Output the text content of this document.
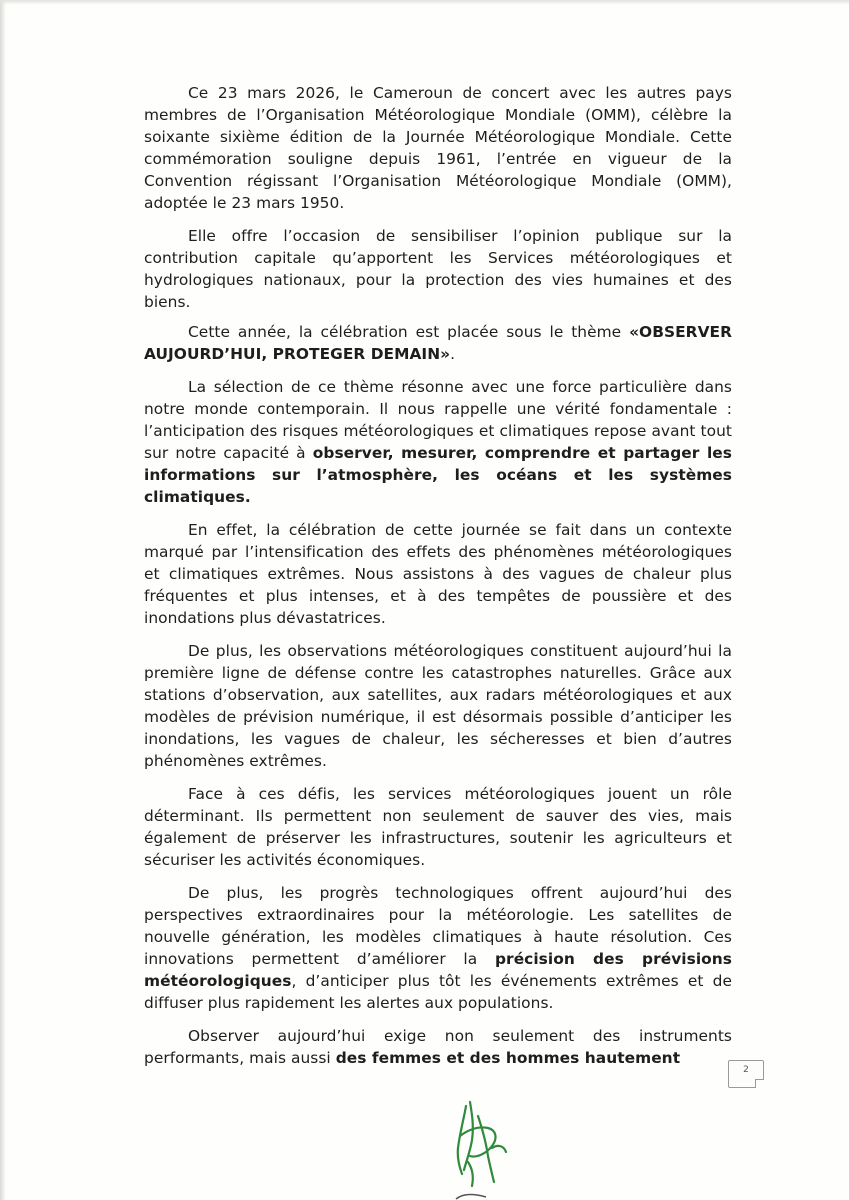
Ce 23 mars 2026, le Cameroun de concert avec les autres pays membres de l’Organisation Météorologique Mondiale (OMM), célèbre la soixante sixième édition de la Journée Météorologique Mondiale. Cette commémoration souligne depuis 1961, l’entrée en vigueur de la Convention régissant l’Organisation Météorologique Mondiale (OMM), adoptée le 23 mars 1950.

Elle offre l’occasion de sensibiliser l’opinion publique sur la contribution capitale qu’apportent les Services météorologiques et hydrologiques nationaux, pour la protection des vies humaines et des biens.

Cette année, la célébration est placée sous le thème «OBSERVER AUJOURD’HUI, PROTEGER DEMAIN».

La sélection de ce thème résonne avec une force particulière dans notre monde contemporain. Il nous rappelle une vérité fondamentale : l’anticipation des risques météorologiques et climatiques repose avant tout sur notre capacité à observer, mesurer, comprendre et partager les informations sur l’atmosphère, les océans et les systèmes climatiques.

En effet, la célébration de cette journée se fait dans un contexte marqué par l’intensification des effets des phénomènes météorologiques et climatiques extrêmes. Nous assistons à des vagues de chaleur plus fréquentes et plus intenses, et à des tempêtes de poussière et des inondations plus dévastatrices.

De plus, les observations météorologiques constituent aujourd’hui la première ligne de défense contre les catastrophes naturelles. Grâce aux stations d’observation, aux satellites, aux radars météorologiques et aux modèles de prévision numérique, il est désormais possible d’anticiper les inondations, les vagues de chaleur, les sécheresses et bien d’autres phénomènes extrêmes.

Face à ces défis, les services météorologiques jouent un rôle déterminant. Ils permettent non seulement de sauver des vies, mais également de préserver les infrastructures, soutenir les agriculteurs et sécuriser les activités économiques.

De plus, les progrès technologiques offrent aujourd’hui des perspectives extraordinaires pour la météorologie. Les satellites de nouvelle génération, les modèles climatiques à haute résolution. Ces innovations permettent d’améliorer la précision des prévisions météorologiques, d’anticiper plus tôt les événements extrêmes et de diffuser plus rapidement les alertes aux populations.

Observer aujourd’hui exige non seulement des instruments performants, mais aussi des femmes et des hommes hautement

2
